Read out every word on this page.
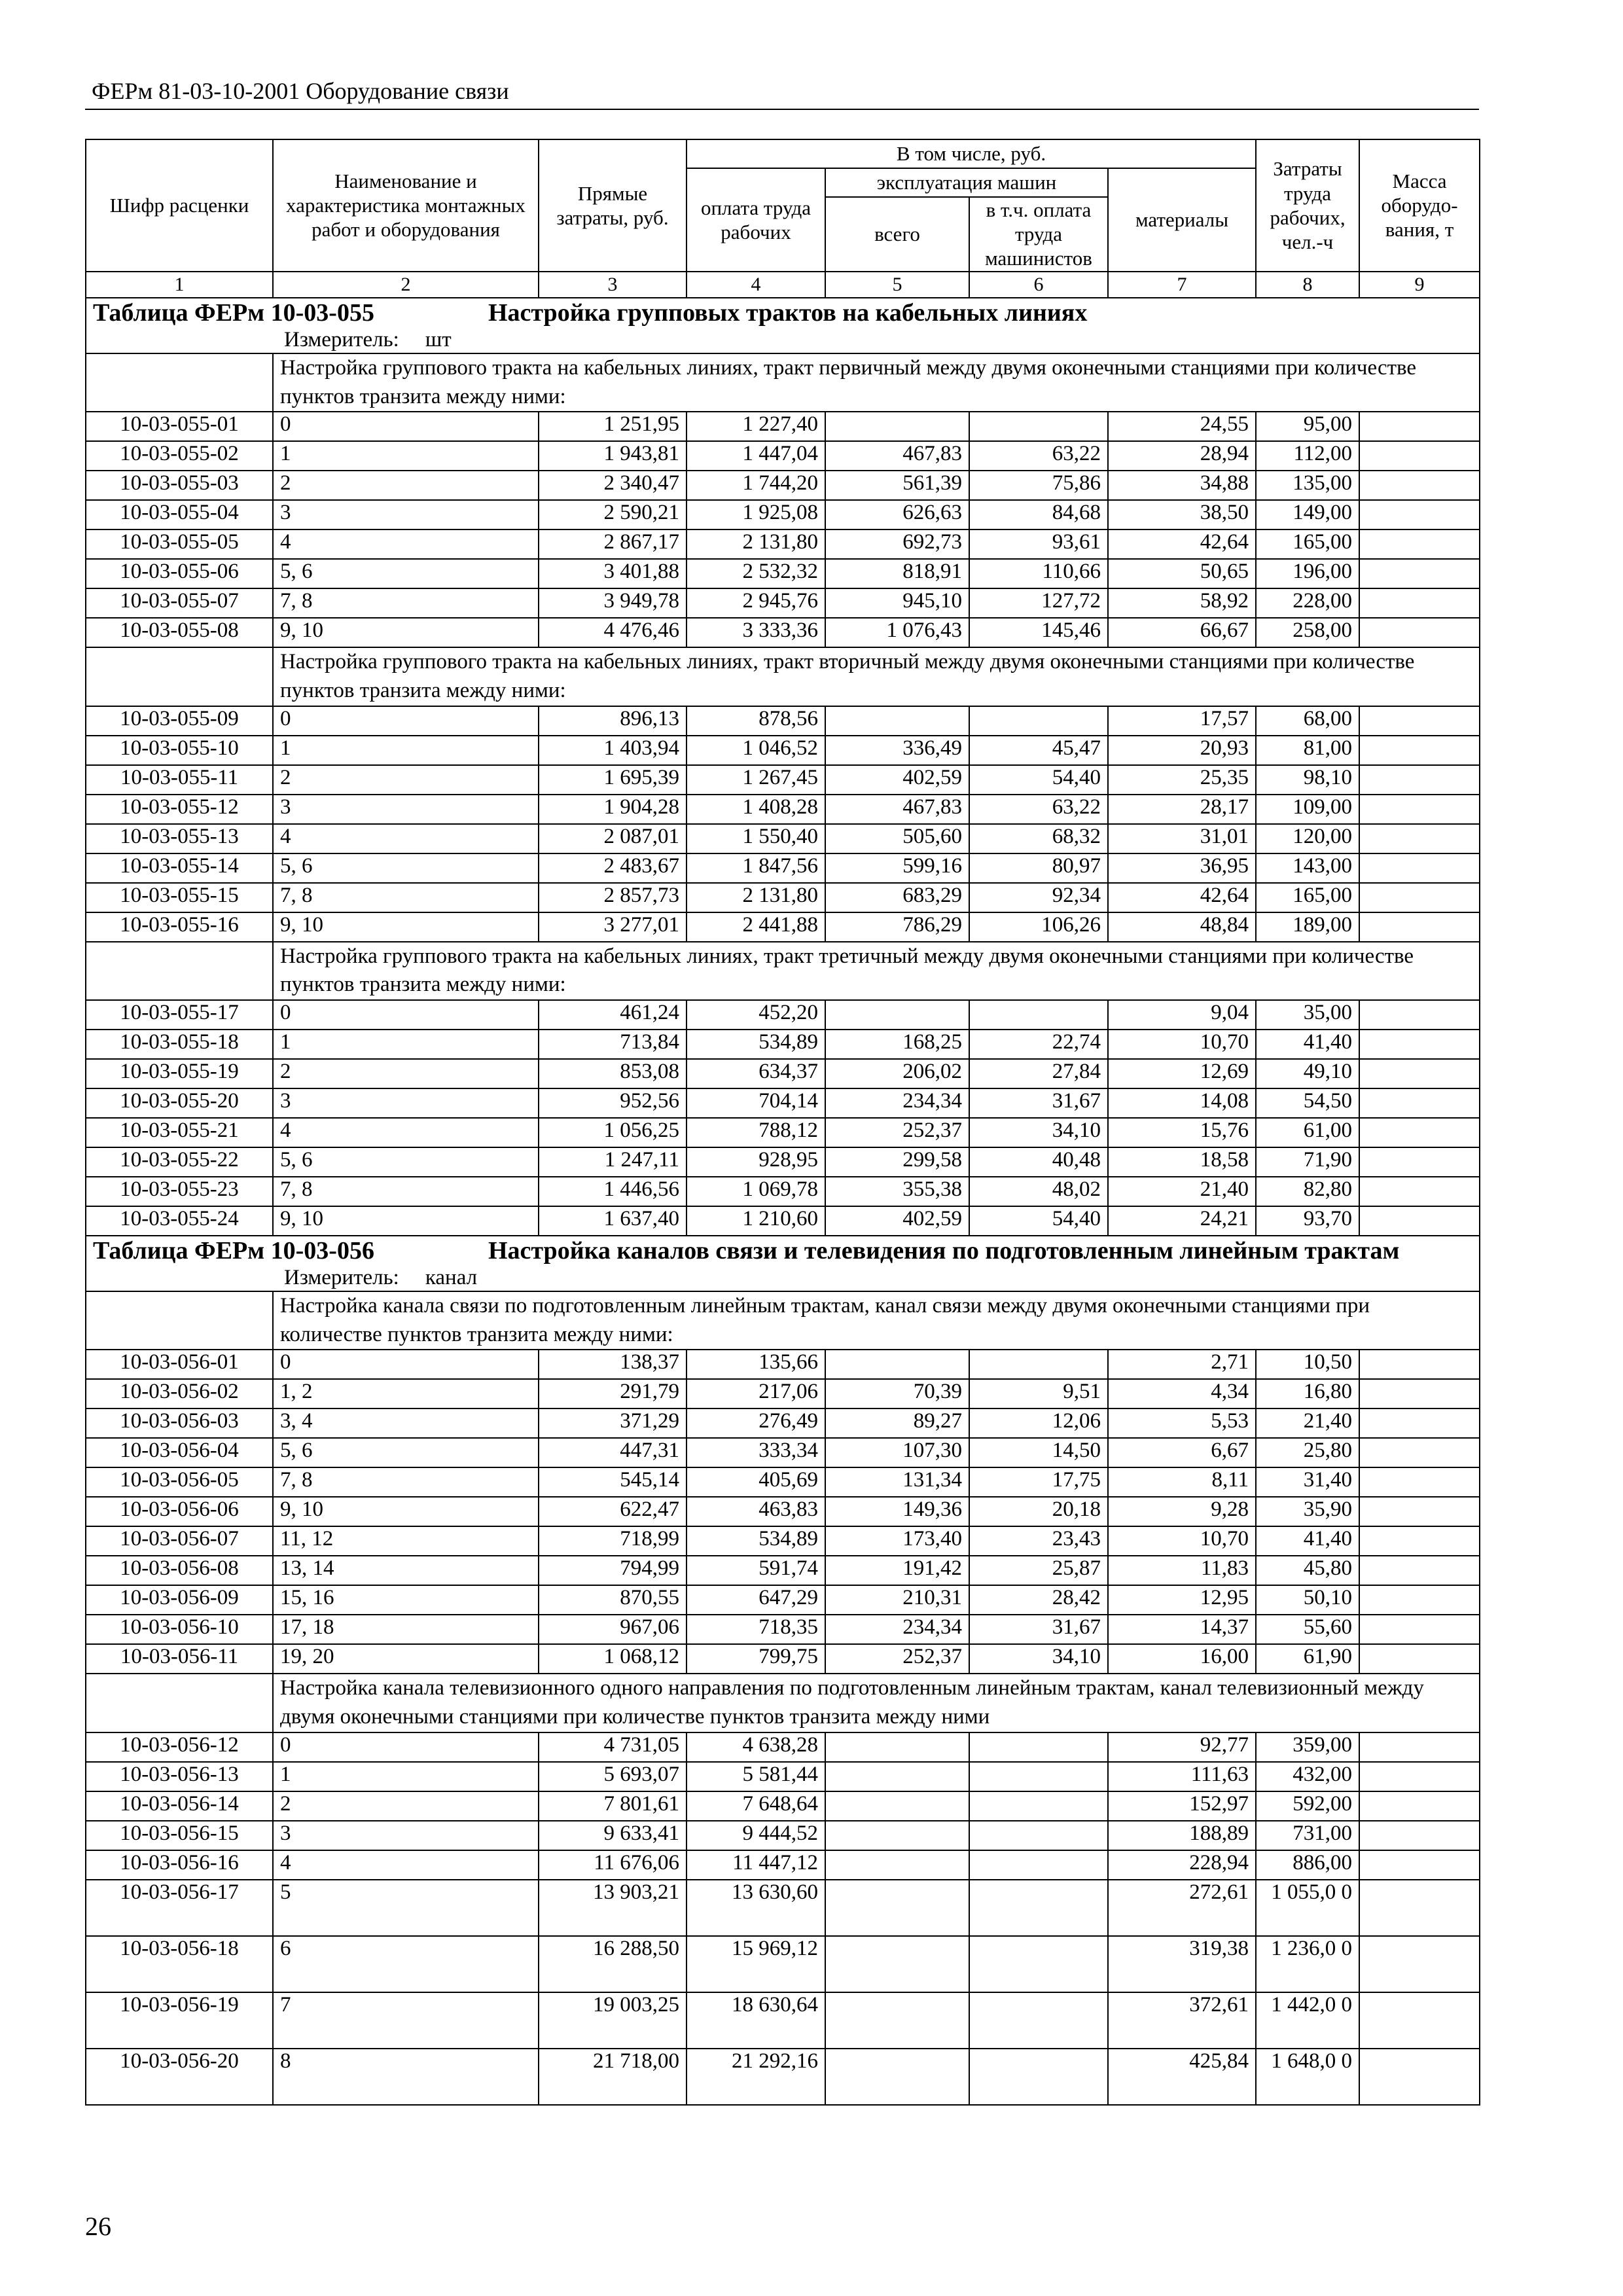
ФЕРм 81-03-10-2001 Оборудование связи
Шифр расценки	Наименование и характеристика монтажных работ и оборудования	Прямые затраты, руб.	В том числе, руб.				Затраты труда рабочих, чел.-ч	Масса оборудо-вания, т
			оплата труда рабочих	эксплуатация машин		материалы		
				всего	в т.ч. оплата труда машинистов			
1	2	3	4	5	6	7	8	9

Таблица ФЕРм 10-03-055 Настройка групповых трактов на кабельных линиях
Измеритель: шт								

	Настройка группового тракта на кабельных линиях, тракт первичный между двумя оконечными станциями при количестве пунктов транзита между ними:							
10-03-055-01	0	1 251,95	1 227,40			24,55	95,00	
10-03-055-02	1	1 943,81	1 447,04	467,83	63,22	28,94	112,00	
10-03-055-03	2	2 340,47	1 744,20	561,39	75,86	34,88	135,00	
10-03-055-04	3	2 590,21	1 925,08	626,63	84,68	38,50	149,00	
10-03-055-05	4	2 867,17	2 131,80	692,73	93,61	42,64	165,00	
10-03-055-06	5, 6	3 401,88	2 532,32	818,91	110,66	50,65	196,00	
10-03-055-07	7, 8	3 949,78	2 945,76	945,10	127,72	58,92	228,00	
10-03-055-08	9, 10	4 476,46	3 333,36	1 076,43	145,46	66,67	258,00	
	Настройка группового тракта на кабельных линиях, тракт вторичный между двумя оконечными станциями при количестве пунктов транзита между ними:							
10-03-055-09	0	896,13	878,56			17,57	68,00	
10-03-055-10	1	1 403,94	1 046,52	336,49	45,47	20,93	81,00	
10-03-055-11	2	1 695,39	1 267,45	402,59	54,40	25,35	98,10	
10-03-055-12	3	1 904,28	1 408,28	467,83	63,22	28,17	109,00	
10-03-055-13	4	2 087,01	1 550,40	505,60	68,32	31,01	120,00	
10-03-055-14	5, 6	2 483,67	1 847,56	599,16	80,97	36,95	143,00	
10-03-055-15	7, 8	2 857,73	2 131,80	683,29	92,34	42,64	165,00	
10-03-055-16	9, 10	3 277,01	2 441,88	786,29	106,26	48,84	189,00	
	Настройка группового тракта на кабельных линиях, тракт третичный между двумя оконечными станциями при количестве пунктов транзита между ними:							
10-03-055-17	0	461,24	452,20			9,04	35,00	
10-03-055-18	1	713,84	534,89	168,25	22,74	10,70	41,40	
10-03-055-19	2	853,08	634,37	206,02	27,84	12,69	49,10	
10-03-055-20	3	952,56	704,14	234,34	31,67	14,08	54,50	
10-03-055-21	4	1 056,25	788,12	252,37	34,10	15,76	61,00	
10-03-055-22	5, 6	1 247,11	928,95	299,58	40,48	18,58	71,90	
10-03-055-23	7, 8	1 446,56	1 069,78	355,38	48,02	21,40	82,80	
10-03-055-24	9, 10	1 637,40	1 210,60	402,59	54,40	24,21	93,70	

Таблица ФЕРм 10-03-056 Настройка каналов связи и телевидения по подготовленным линейным трактам
Измеритель: канал								

	Настройка канала связи по подготовленным линейным трактам, канал связи между двумя оконечными станциями при количестве пунктов транзита между ними:							
10-03-056-01	0	138,37	135,66			2,71	10,50	
10-03-056-02	1, 2	291,79	217,06	70,39	9,51	4,34	16,80	
10-03-056-03	3, 4	371,29	276,49	89,27	12,06	5,53	21,40	
10-03-056-04	5, 6	447,31	333,34	107,30	14,50	6,67	25,80	
10-03-056-05	7, 8	545,14	405,69	131,34	17,75	8,11	31,40	
10-03-056-06	9, 10	622,47	463,83	149,36	20,18	9,28	35,90	
10-03-056-07	11, 12	718,99	534,89	173,40	23,43	10,70	41,40	
10-03-056-08	13, 14	794,99	591,74	191,42	25,87	11,83	45,80	
10-03-056-09	15, 16	870,55	647,29	210,31	28,42	12,95	50,10	
10-03-056-10	17, 18	967,06	718,35	234,34	31,67	14,37	55,60	
10-03-056-11	19, 20	1 068,12	799,75	252,37	34,10	16,00	61,90	
	Настройка канала телевизионного одного направления по подготовленным линейным трактам, канал телевизионный между двумя оконечными станциями при количестве пунктов транзита между ними							
10-03-056-12	0	4 731,05	4 638,28			92,77	359,00	
10-03-056-13	1	5 693,07	5 581,44			111,63	432,00	
10-03-056-14	2	7 801,61	7 648,64			152,97	592,00	
10-03-056-15	3	9 633,41	9 444,52			188,89	731,00	
10-03-056-16	4	11 676,06	11 447,12			228,94	886,00	
10-03-056-17	5	13 903,21	13 630,60			272,61	1 055,0 0	
10-03-056-18	6	16 288,50	15 969,12			319,38	1 236,0 0	
10-03-056-19	7	19 003,25	18 630,64			372,61	1 442,0 0	
10-03-056-20	8	21 718,00	21 292,16			425,84	1 648,0 0	
26
